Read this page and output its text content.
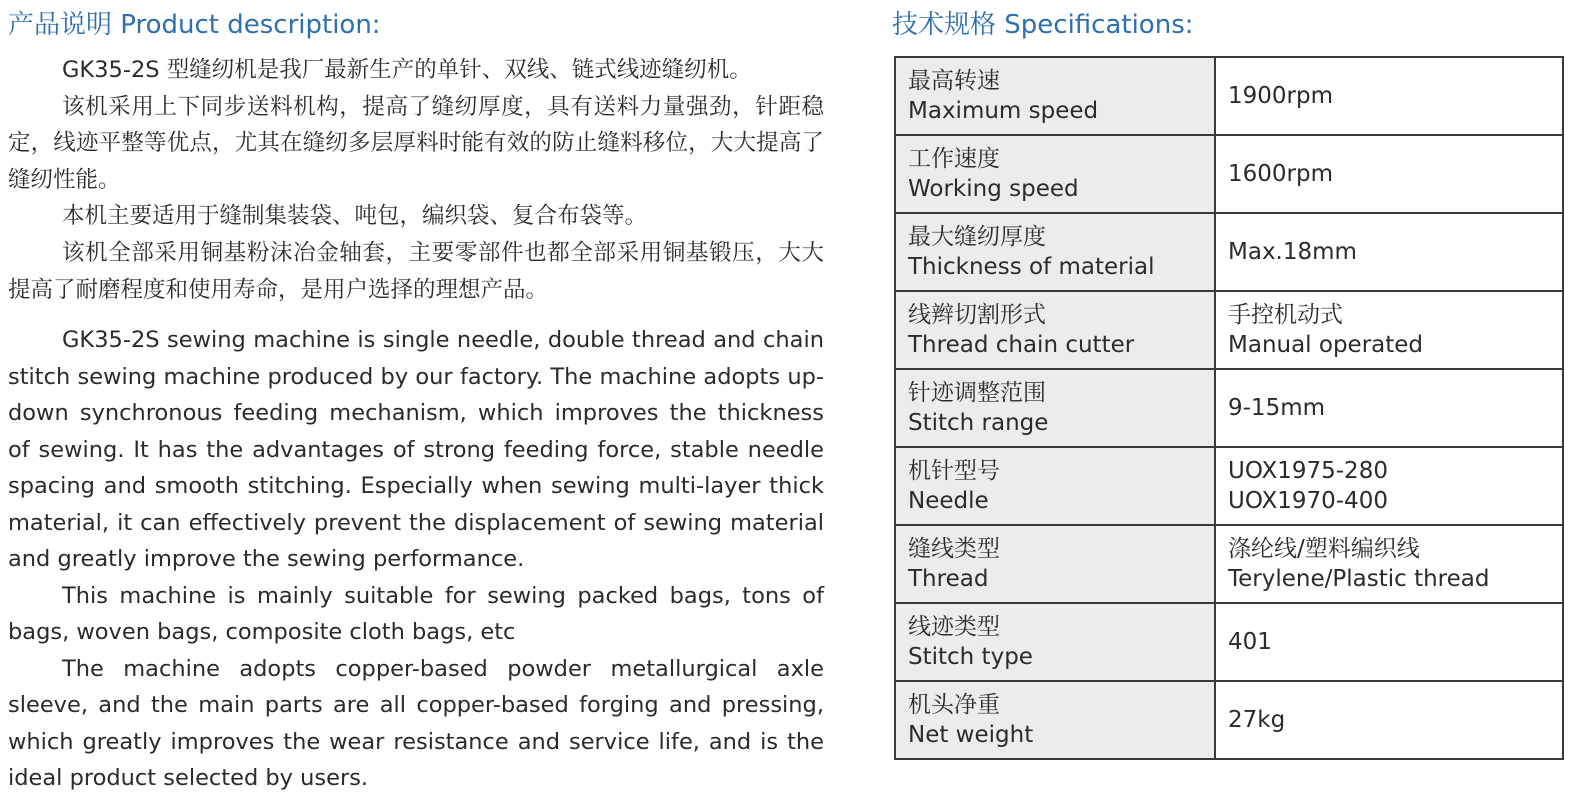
产品说明 Product description:

GK35-2S 型缝纫机是我厂最新生产的单针、双线、链式线迹缝纫机。

该机采用上下同步送料机构，提高了缝纫厚度，具有送料力量强劲，针距稳定，线迹平整等优点，尤其在缝纫多层厚料时能有效的防止缝料移位，大大提高了缝纫性能。

本机主要适用于缝制集装袋、吨包，编织袋、复合布袋等。

该机全部采用铜基粉沫冶金轴套，主要零部件也都全部采用铜基锻压，大大提高了耐磨程度和使用寿命，是用户选择的理想产品。

GK35-2S sewing machine is single needle, double thread and chain stitch sewing machine produced by our factory. The machine adopts up-down synchronous feeding mechanism, which improves the thickness of sewing. It has the advantages of strong feeding force, stable needle spacing and smooth stitching. Especially when sewing multi-layer thick material, it can effectively prevent the displacement of sewing material and greatly improve the sewing performance.

This machine is mainly suitable for sewing packed bags, tons of bags, woven bags, composite cloth bags, etc

The machine adopts copper-based powder metallurgical axle sleeve, and the main parts are all copper-based forging and pressing, which greatly improves the wear resistance and service life, and is the ideal product selected by users.

技术规格 Specifications:
最高转速
Maximum speed	1900rpm

工作速度
Working speed	1600rpm

最大缝纫厚度
Thickness of material	Max.18mm

线辫切割形式
Thread chain cutter	手控机动式
Manual operated

针迹调整范围
Stitch range	9-15mm

机针型号
Needle	UOX1975-280
UOX1970-400

缝线类型
Thread	涤纶线/塑料编织线
Terylene/Plastic thread

线迹类型
Stitch type	401

机头净重
Net weight	27kg
